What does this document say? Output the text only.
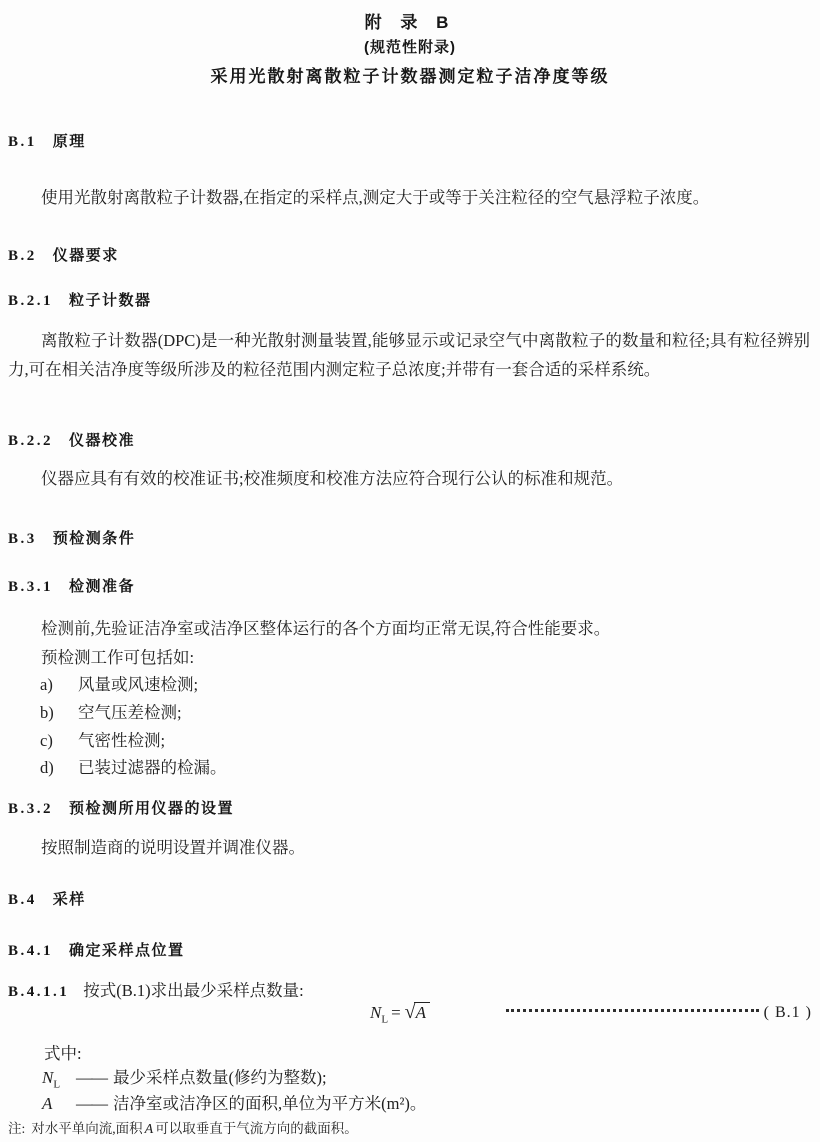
附 录 B
(规范性附录)
采用光散射离散粒子计数器测定粒子洁净度等级
B.1 原理
使用光散射离散粒子计数器,在指定的采样点,测定大于或等于关注粒径的空气悬浮粒子浓度。
B.2 仪器要求
B.2.1 粒子计数器
离散粒子计数器(DPC)是一种光散射测量装置,能够显示或记录空气中离散粒子的数量和粒径;具有粒径辨别力,可在相关洁净度等级所涉及的粒径范围内测定粒子总浓度;并带有一套合适的采样系统。
B.2.2 仪器校准
仪器应具有有效的校准证书;校准频度和校准方法应符合现行公认的标准和规范。
B.3 预检测条件
B.3.1 检测准备
检测前,先验证洁净室或洁净区整体运行的各个方面均正常无误,符合性能要求。
预检测工作可包括如:
a) 风量或风速检测;
b) 空气压差检测;
c) 气密性检测;
d) 已装过滤器的检漏。
B.3.2 预检测所用仪器的设置
按照制造商的说明设置并调准仪器。
B.4 采样
B.4.1 确定采样点位置
B.4.1.1 按式(B.1)求出最少采样点数量:
$N_L = √A$	( B.1 )
式中:
$N_L$ —— 最少采样点数量(修约为整数);
A —— 洁净室或洁净区的面积,单位为平方米(m²)。
注: 对水平单向流,面积 A 可以取垂直于气流方向的截面积。
